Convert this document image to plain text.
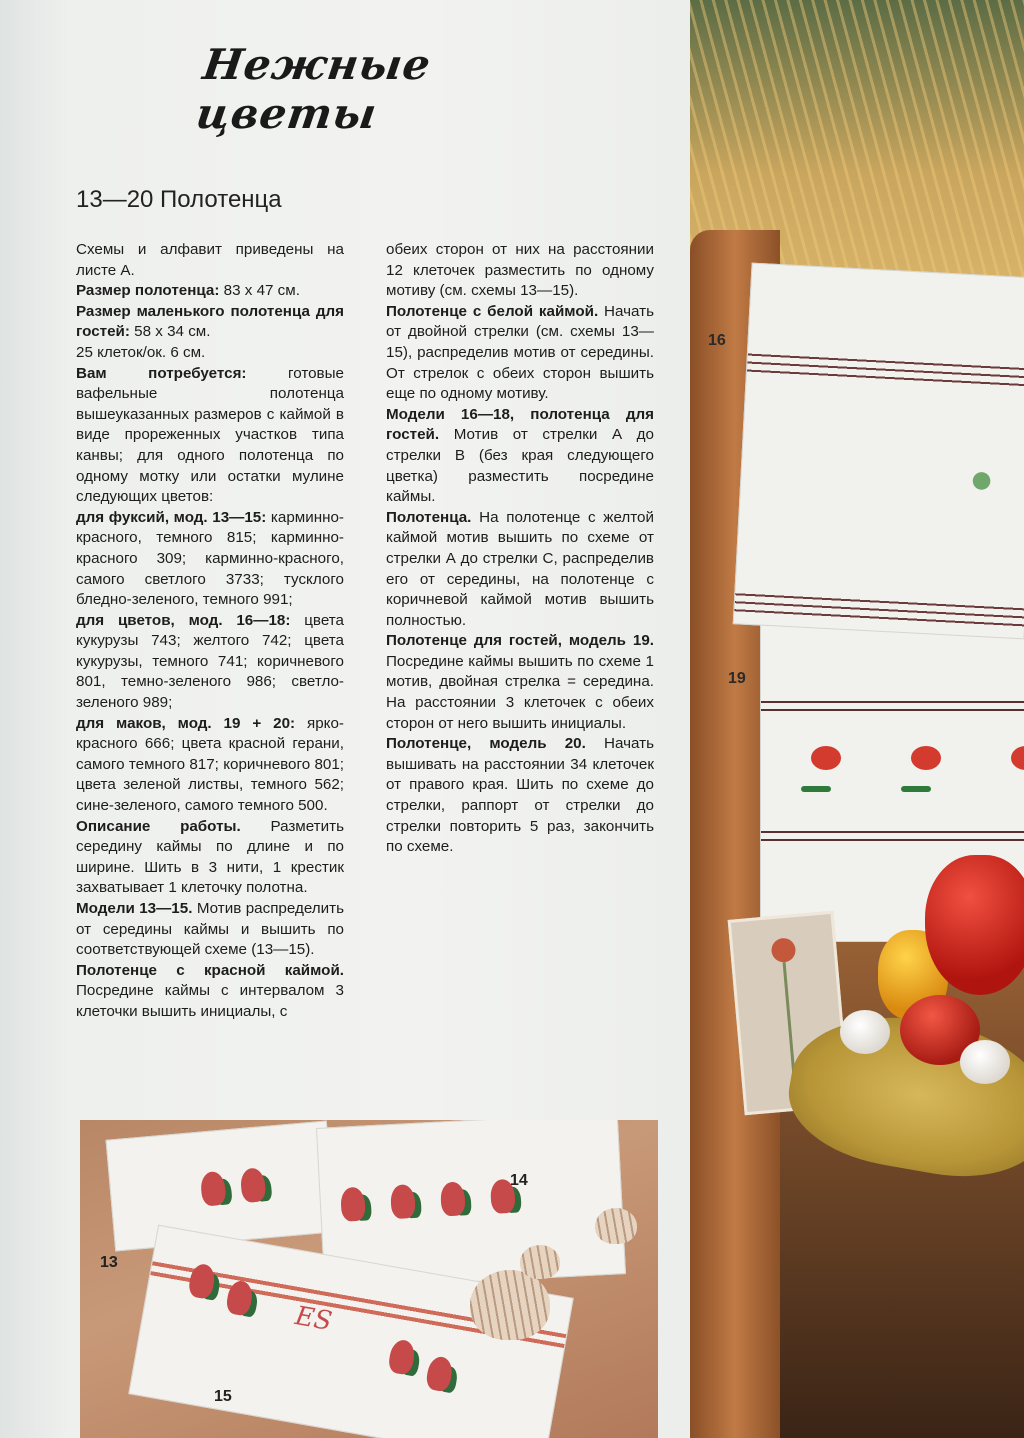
Нежные цветы
13—20 Полотенца

Схемы и алфавит приведены на листе А.

Размер полотенца: 83 x 47 см.

Размер маленького полотенца для гостей: 58 x 34 см.

25 клеток/ок. 6 см.

Вам потребуется: готовые вафельные полотенца вышеуказанных размеров с каймой в виде прореженных участков типа канвы; для одного полотенца по одному мотку или остатки мулине следующих цветов:

для фуксий, мод. 13—15: карминно-красного, темного 815; карминно-красного 309; карминно-красного, самого светлого 3733; тусклого бледно-зеленого, темного 991;

для цветов, мод. 16—18: цвета кукурузы 743; желтого 742; цвета кукурузы, темного 741; коричневого 801, темно-зеленого 986; светло-зеленого 989;

для маков, мод. 19 + 20: ярко-красного 666; цвета красной герани, самого темного 817; коричневого 801; цвета зеленой листвы, темного 562; сине-зеленого, самого темного 500.

Описание работы. Разметить середину каймы по длине и по ширине. Шить в 3 нити, 1 крестик захватывает 1 клеточку полотна.

Модели 13—15. Мотив распределить от середины каймы и вышить по соответствующей схеме (13—15).

Полотенце с красной каймой. Посредине каймы с интервалом 3 клеточки вышить инициалы, с

обеих сторон от них на расстоянии 12 клеточек разместить по одному мотиву (см. схемы 13—15).

Полотенце с белой каймой. Начать от двойной стрелки (см. схемы 13—15), распределив мотив от середины. От стрелок с обеих сторон вышить еще по одному мотиву.

Модели 16—18, полотенца для гостей. Мотив от стрелки А до стрелки В (без края следующего цветка) разместить посредине каймы.

Полотенца. На полотенце с желтой каймой мотив вышить по схеме от стрелки А до стрелки С, распределив его от середины, на полотенце с коричневой каймой мотив вышить полностью.

Полотенце для гостей, модель 19. Посредине каймы вышить по схеме 1 мотив, двойная стрелка = середина. На расстоянии 3 клеточек с обеих сторон от него вышить инициалы.

Полотенце, модель 20. Начать вышивать на расстоянии 34 клеточек от правого края. Шить по схеме до стрелки, раппорт от стрелки до стрелки повторить 5 раз, закончить по схеме.

ЕЅ
13
14
15
16
19
